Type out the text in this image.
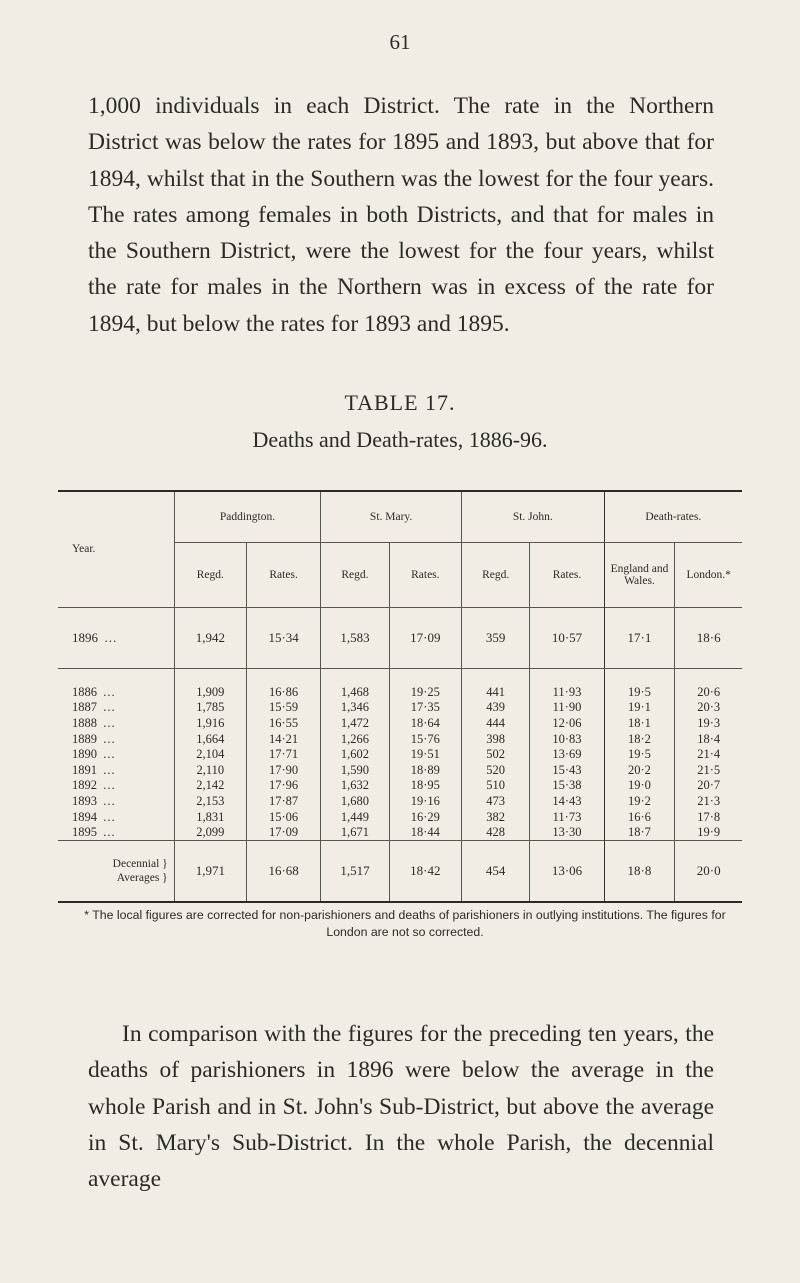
61

1,000 individuals in each District. The rate in the Northern District was below the rates for 1895 and 1893, but above that for 1894, whilst that in the Southern was the lowest for the four years. The rates among females in both Districts, and that for males in the Southern District, were the lowest for the four years, whilst the rate for males in the Northern was in excess of the rate for 1894, but below the rates for 1893 and 1895.

TABLE 17.
Deaths and Death-rates, 1886-96.

Year.	Paddington.		St. Mary.		St. John.		Death-rates.	
	Regd.	Rates.	Regd.	Rates.	Regd.	Rates.	England and Wales.	London.*
1896 ...	1,942	15·34	1,583	17·09	359	10·57	17·1	18·6

1886 ...	1,909	16·86	1,468	19·25	441	11·93	19·5	20·6
1887 ...	1,785	15·59	1,346	17·35	439	11·90	19·1	20·3
1888 ...	1,916	16·55	1,472	18·64	444	12·06	18·1	19·3
1889 ...	1,664	14·21	1,266	15·76	398	10·83	18·2	18·4
1890 ...	2,104	17·71	1,602	19·51	502	13·69	19·5	21·4
1891 ...	2,110	17·90	1,590	18·89	520	15·43	20·2	21·5
1892 ...	2,142	17·96	1,632	18·95	510	15·38	19·0	20·7
1893 ...	2,153	17·87	1,680	19·16	473	14·43	19·2	21·3
1894 ...	1,831	15·06	1,449	16·29	382	11·73	16·6	17·8
1895 ...	2,099	17·09	1,671	18·44	428	13·30	18·7	19·9
Decennial }
Averages }	1,971	16·68	1,517	18·42	454	13·06	18·8	20·0

* The local figures are corrected for non-parishioners and deaths of parishioners in outlying institutions. The figures for London are not so corrected.

In comparison with the figures for the preceding ten years, the deaths of parishioners in 1896 were below the average in the whole Parish and in St. John's Sub-District, but above the average in St. Mary's Sub-District. In the whole Parish, the decennial average
